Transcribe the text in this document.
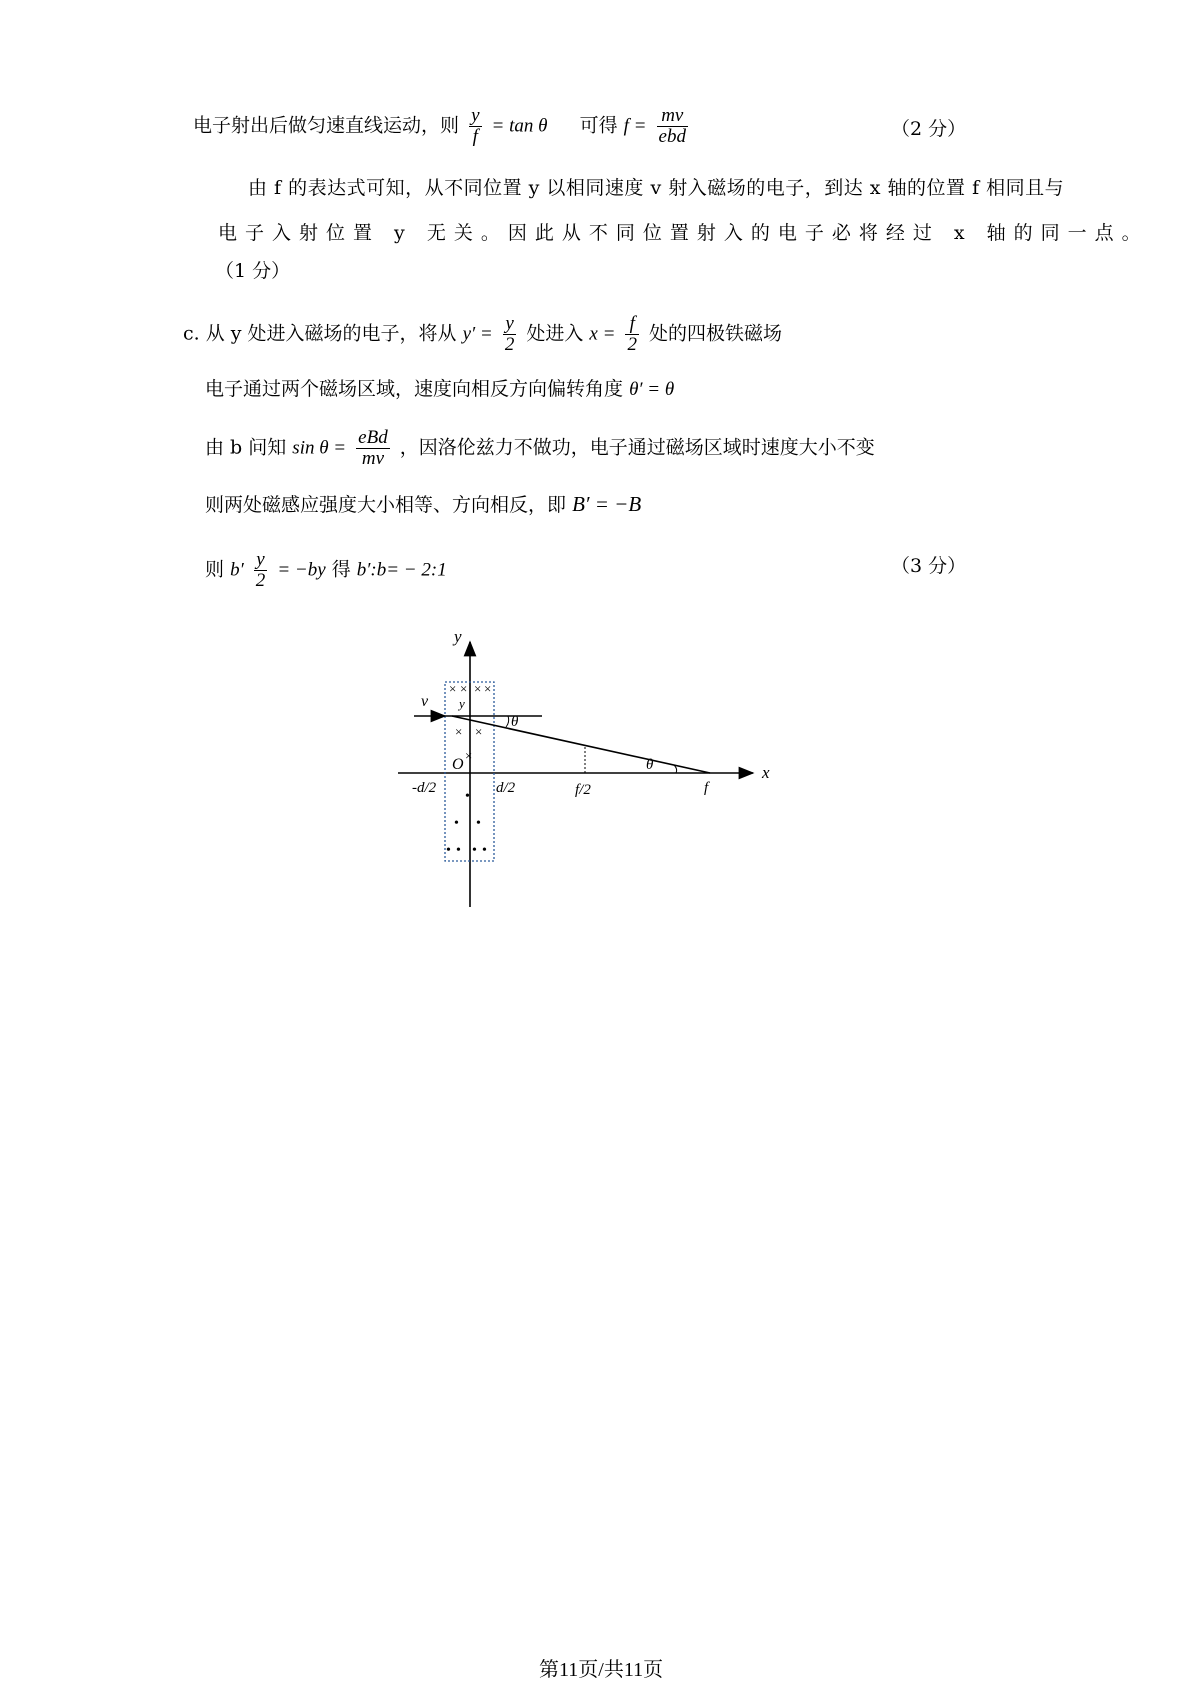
电子射出后做匀速直线运动，则 $\frac{y}{f} = \tan \theta$ 可得 $f = \frac{mv}{\text{ebd}}$	（2 分）
由 f 的表达式可知，从不同位置 y 以相同速度 v 射入磁场的电子，到达 x 轴的位置 f 相同且与
电子入射位置 y 无关。因此从不同位置射入的电子必将经过 x 轴的同一点。
（1 分）
c. 从 y 处进入磁场的电子，将从 $y' = \frac{y}{2}$ 处进入 $x = \frac{f}{2}$ 处的四极铁磁场
电子通过两个磁场区域，速度向相反方向偏转角度 θ′ = θ
由 b 问知 $\sin \theta = \frac{\text{eBd}}{mv}$ ，因洛伦兹力不做功，电子通过磁场区域时速度大小不变
则两处磁感应强度大小相等、方向相反，即 B′ = −B
则 $b' \frac{y}{2} = -by$ 得 b′:b= − 2:1	（3 分）
× × × ×
× ×
×
•
• •
• • • •
y
x
v y
O
θ
θ
-d/2	d/2	f/2	f
第11页/共11页
